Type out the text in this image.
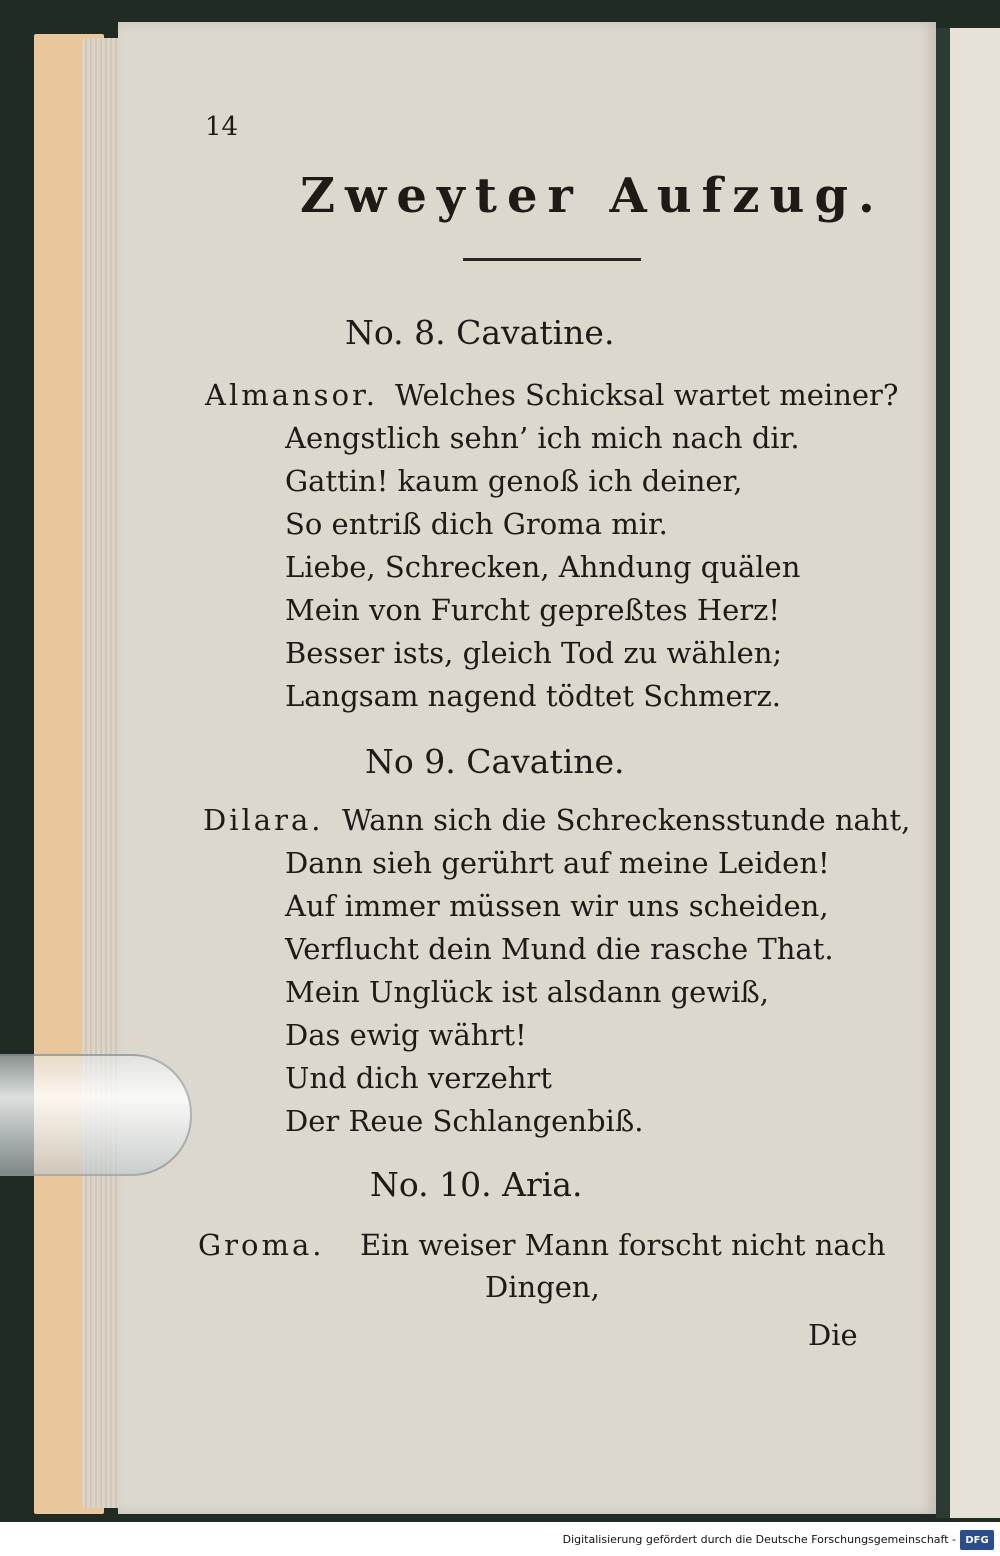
14
Zweyter Aufzug.
No. 8. Cavatine.
Almansor. Welches Schicksal wartet meiner?
Aengstlich sehn’ ich mich nach dir.
Gattin! kaum genoß ich deiner,
So entriß dich Groma mir.
Liebe, Schrecken, Ahndung quälen
Mein von Furcht gepreßtes Herz!
Besser ists, gleich Tod zu wählen;
Langsam nagend tödtet Schmerz.
No 9. Cavatine.
Dilara. Wann sich die Schreckensstunde naht,
Dann sieh gerührt auf meine Leiden!
Auf immer müssen wir uns scheiden,
Verflucht dein Mund die rasche That.
Mein Unglück ist alsdann gewiß,
Das ewig währt!
Und dich verzehrt
Der Reue Schlangenbiß.
No. 10. Aria.
Groma. Ein weiser Mann forscht nicht nach
Dingen,
Die
Digitalisierung gefördert durch die Deutsche Forschungsgemeinschaft - DFG
